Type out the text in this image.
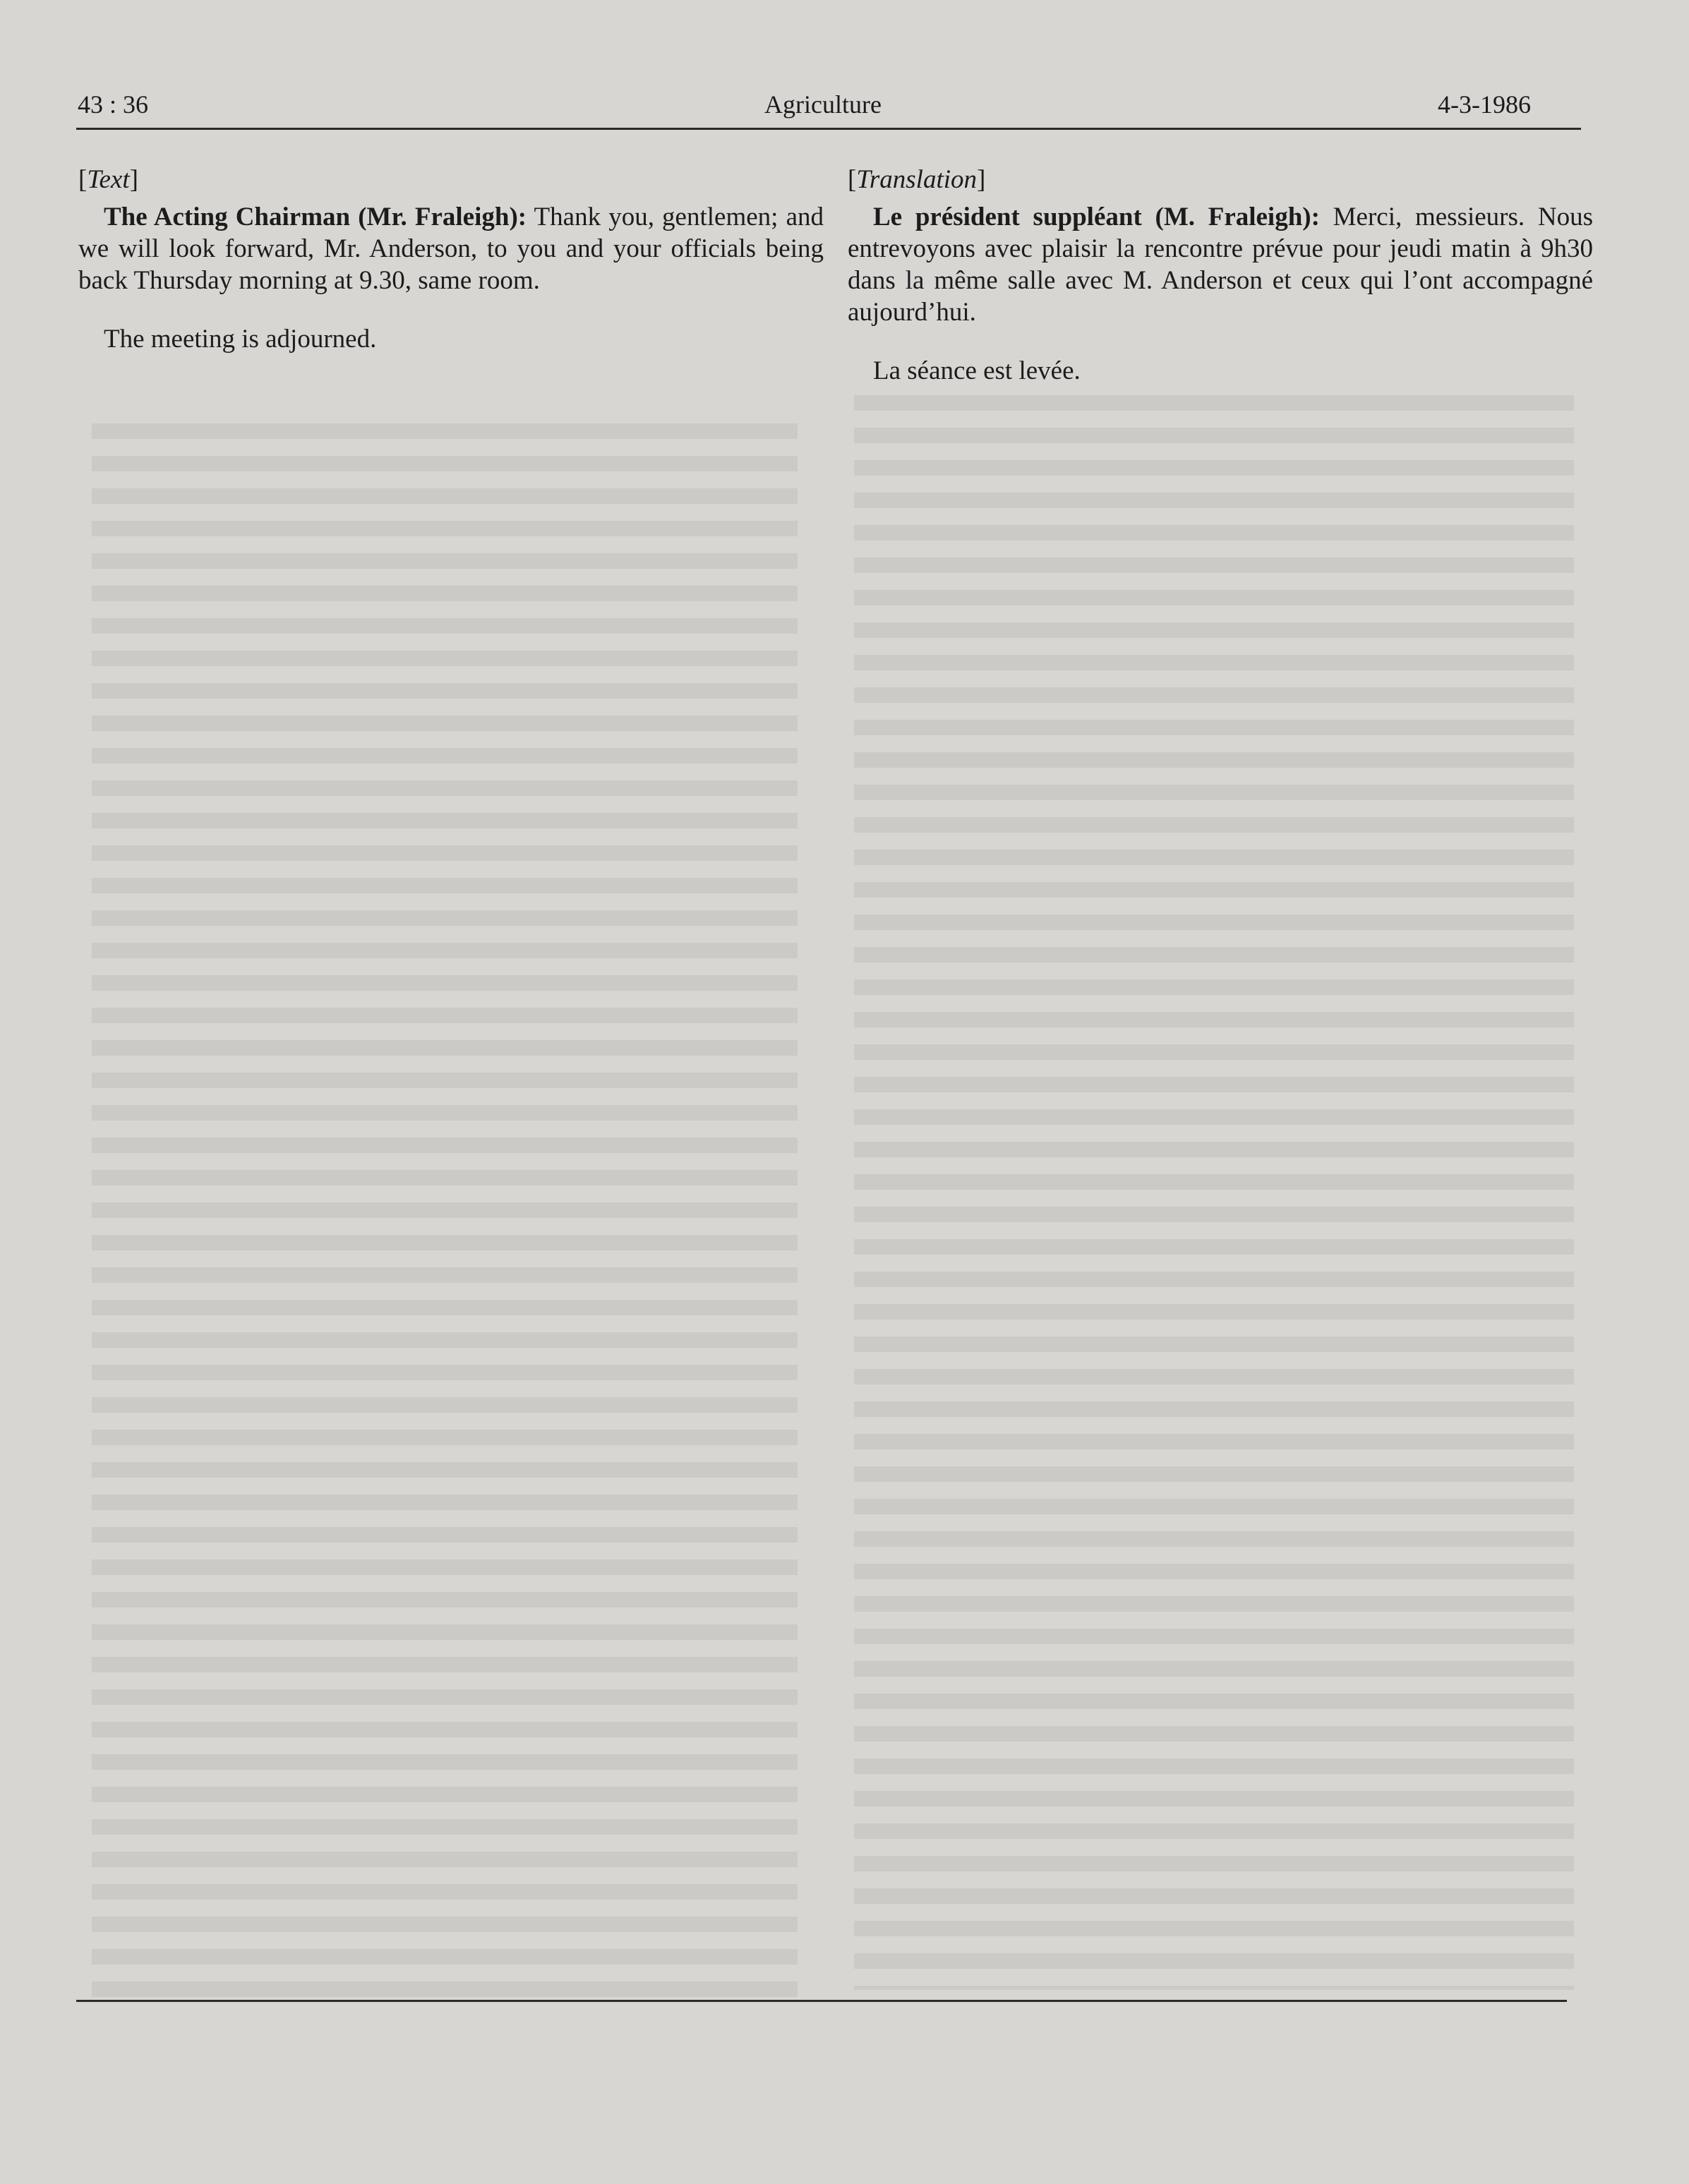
43 : 36	Agriculture	4-3-1986

[Text]

The Acting Chairman (Mr. Fraleigh): Thank you, gentlemen; and we will look forward, Mr. Anderson, to you and your officials being back Thursday morning at 9.30, same room.

The meeting is adjourned.

[Translation]

Le président suppléant (M. Fraleigh): Merci, messieurs. Nous entrevoyons avec plaisir la rencontre prévue pour jeudi matin à 9h30 dans la même salle avec M. Anderson et ceux qui l’ont accompagné aujourd’hui.

La séance est levée.
